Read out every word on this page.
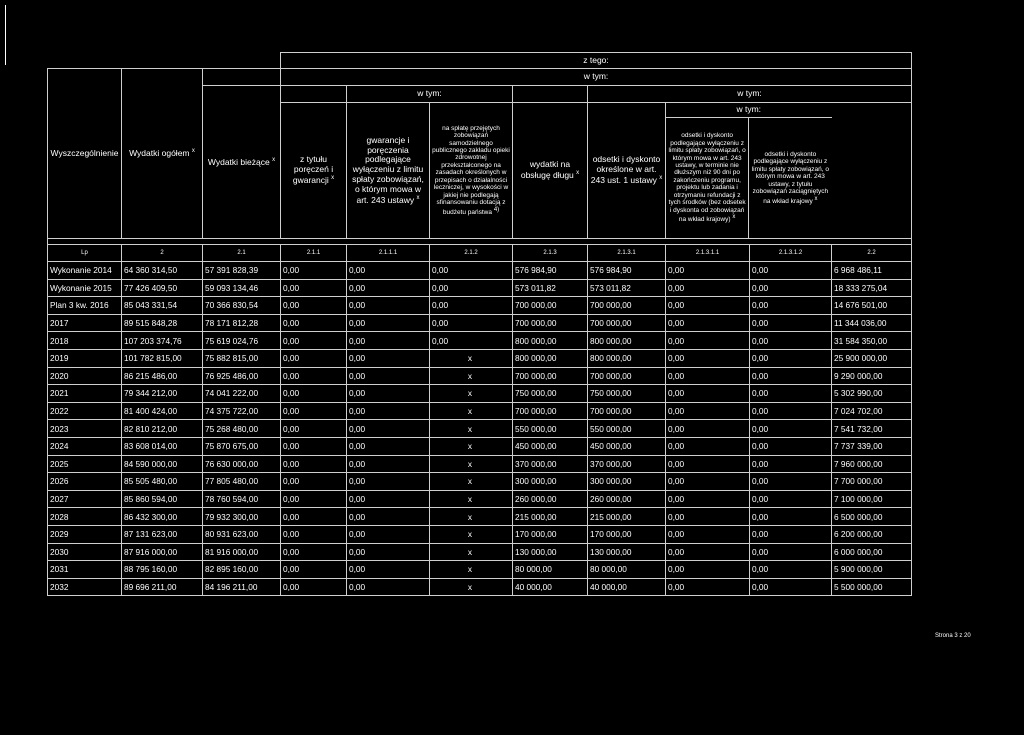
	z tego:
Wyszczególnienie	Wydatki ogółem $^x$		w tym:
Wydatki bieżące $^x$		w tym:		w tym:	
z tytułu poręczeń i gwarancji $^x$	gwarancje i poręczenia podlegające wyłączeniu z limitu spłaty zobowiązań, o którym mowa w art. 243 ustawy $^x$	na spłatę przejętych zobowiązań samodzielnego publicznego zakładu opieki zdrowotnej przekształconego na zasadach określonych w przepisach o działalności leczniczej, w wysokości w jakiej nie podlegają sfinansowaniu dotacją z budżetu państwa $^{4)}$	wydatki na obsługę długu $^x$	odsetki i dyskonto określone w art. 243 ust. 1 ustawy $^x$	
w tym:
odsetki i dyskonto podlegające wyłączeniu z limitu spłaty zobowiązań, o którym mowa w art. 243 ustawy, w terminie nie dłuższym niż 90 dni po zakończeniu programu, projektu lub zadania i otrzymaniu refundacji z tych środków (bez odsetek i dyskonta od zobowiązań na wkład krajowy) $^x$	odsetki i dyskonto podlegające wyłączeniu z limitu spłaty zobowiązań, o którym mowa w art. 243 ustawy, z tytułu zobowiązań zaciągniętych na wkład krajowy $^x$

Lp	2	2.1	2.1.1	2.1.1.1	2.1.2	2.1.3	2.1.3.1	2.1.3.1.1	2.1.3.1.2	2.2
Wykonanie 2014	64 360 314,50	57 391 828,39	0,00	0,00	0,00	576 984,90	576 984,90	0,00	0,00	6 968 486,11
Wykonanie 2015	77 426 409,50	59 093 134,46	0,00	0,00	0,00	573 011,82	573 011,82	0,00	0,00	18 333 275,04
Plan 3 kw. 2016	85 043 331,54	70 366 830,54	0,00	0,00	0,00	700 000,00	700 000,00	0,00	0,00	14 676 501,00
2017	89 515 848,28	78 171 812,28	0,00	0,00	0,00	700 000,00	700 000,00	0,00	0,00	11 344 036,00
2018	107 203 374,76	75 619 024,76	0,00	0,00	0,00	800 000,00	800 000,00	0,00	0,00	31 584 350,00
2019	101 782 815,00	75 882 815,00	0,00	0,00	x	800 000,00	800 000,00	0,00	0,00	25 900 000,00
2020	86 215 486,00	76 925 486,00	0,00	0,00	x	700 000,00	700 000,00	0,00	0,00	9 290 000,00
2021	79 344 212,00	74 041 222,00	0,00	0,00	x	750 000,00	750 000,00	0,00	0,00	5 302 990,00
2022	81 400 424,00	74 375 722,00	0,00	0,00	x	700 000,00	700 000,00	0,00	0,00	7 024 702,00
2023	82 810 212,00	75 268 480,00	0,00	0,00	x	550 000,00	550 000,00	0,00	0,00	7 541 732,00
2024	83 608 014,00	75 870 675,00	0,00	0,00	x	450 000,00	450 000,00	0,00	0,00	7 737 339,00
2025	84 590 000,00	76 630 000,00	0,00	0,00	x	370 000,00	370 000,00	0,00	0,00	7 960 000,00
2026	85 505 480,00	77 805 480,00	0,00	0,00	x	300 000,00	300 000,00	0,00	0,00	7 700 000,00
2027	85 860 594,00	78 760 594,00	0,00	0,00	x	260 000,00	260 000,00	0,00	0,00	7 100 000,00
2028	86 432 300,00	79 932 300,00	0,00	0,00	x	215 000,00	215 000,00	0,00	0,00	6 500 000,00
2029	87 131 623,00	80 931 623,00	0,00	0,00	x	170 000,00	170 000,00	0,00	0,00	6 200 000,00
2030	87 916 000,00	81 916 000,00	0,00	0,00	x	130 000,00	130 000,00	0,00	0,00	6 000 000,00
2031	88 795 160,00	82 895 160,00	0,00	0,00	x	80 000,00	80 000,00	0,00	0,00	5 900 000,00
2032	89 696 211,00	84 196 211,00	0,00	0,00	x	40 000,00	40 000,00	0,00	0,00	5 500 000,00
Strona 3 z 20
